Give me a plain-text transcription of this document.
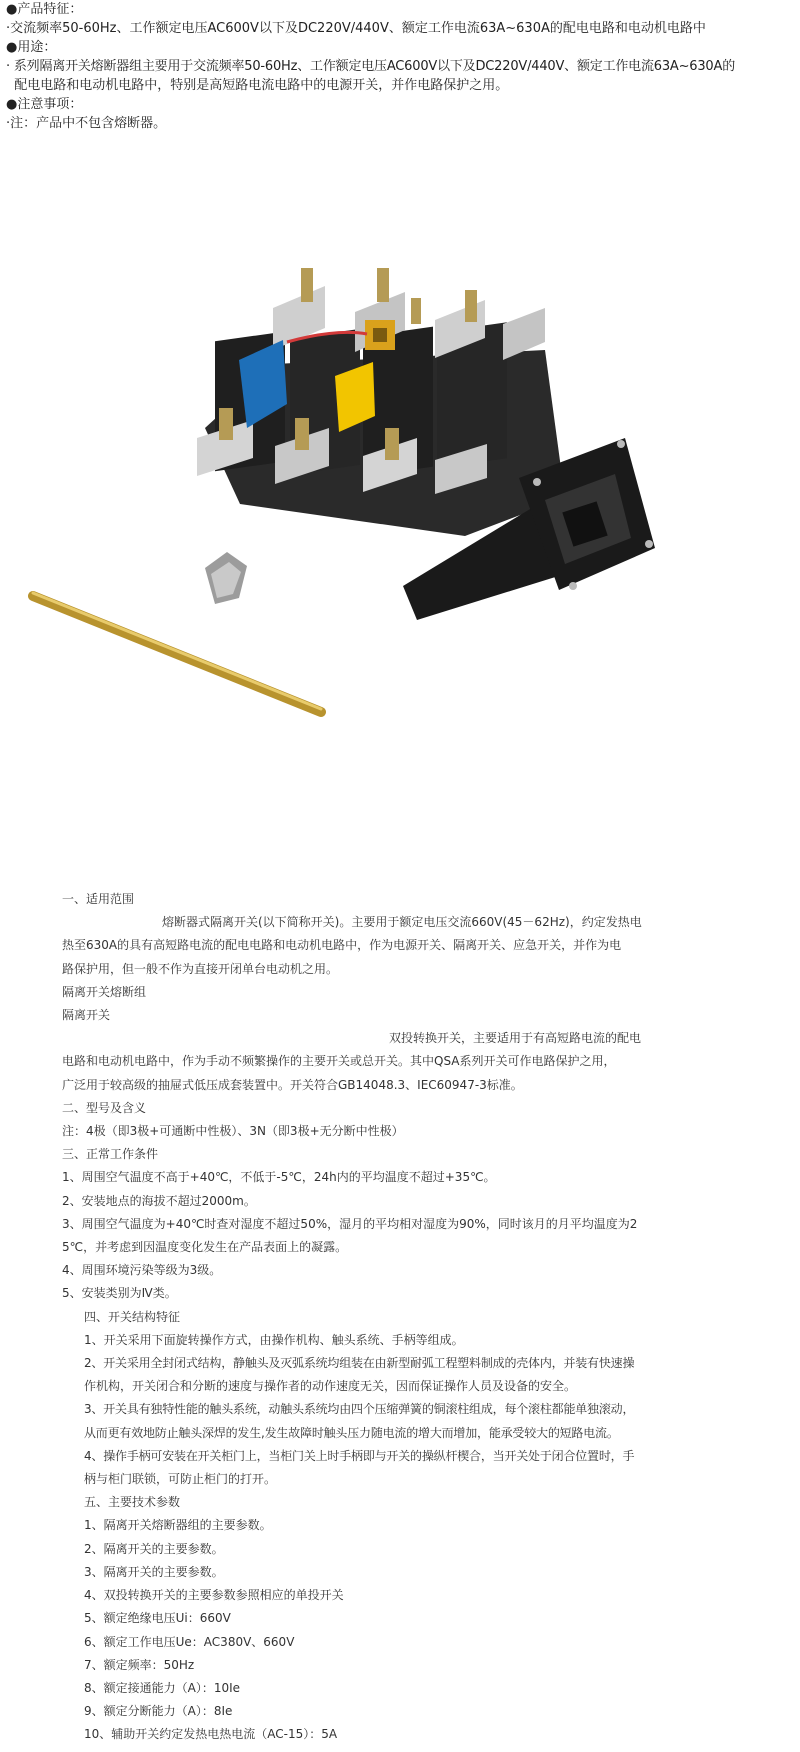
●产品特征：
·交流频率50-60Hz、工作额定电压AC600V以下及DC220V/440V、额定工作电流63A~630A的配电电路和电动机电路中
●用途：
· 系列隔离开关熔断器组主要用于交流频率50-60Hz、工作额定电压AC600V以下及DC220V/440V、额定工作电流63A~630A的
配电电路和电动机电路中，特别是高短路电流电路中的电源开关，并作电路保护之用。
●注意事项：
·注：产品中不包含熔断器。
一、适用范围
熔断器式隔离开关(以下简称开关)。主要用于额定电压交流660V(45－62Hz)，约定发热电
热至630A的具有高短路电流的配电电路和电动机电路中，作为电源开关、隔离开关、应急开关，并作为电
路保护用，但一般不作为直接开闭单台电动机之用。
隔离开关熔断组
隔离开关
双投转换开关，主要适用于有高短路电流的配电
电路和电动机电路中，作为手动不频繁操作的主要开关或总开关。其中QSA系列开关可作电路保护之用，
广泛用于较高级的抽屉式低压成套装置中。开关符合GB14048.3、IEC60947-3标准。
二、型号及含义
注：4极（即3极+可通断中性极）、3N（即3极+无分断中性极）
三、正常工作条件
1、周围空气温度不高于+40℃，不低于-5℃，24h内的平均温度不超过+35℃。
2、安装地点的海拔不超过2000m。
3、周围空气温度为+40℃时查对湿度不超过50%，湿月的平均相对湿度为90%，同时该月的月平均温度为2
5℃，并考虑到因温度变化发生在产品表面上的凝露。
4、周围环境污染等级为3级。
5、安装类别为Ⅳ类。
四、开关结构特征
1、开关采用下面旋转操作方式，由操作机构、触头系统、手柄等组成。
2、开关采用全封闭式结构，静触头及灭弧系统均组装在由新型耐弧工程塑料制成的壳体内，并装有快速操
作机构，开关闭合和分断的速度与操作者的动作速度无关，因而保证操作人员及设备的安全。
3、开关具有独特性能的触头系统，动触头系统均由四个压缩弹簧的铜滚柱组成，每个滚柱都能单独滚动，
从而更有效地防止触头深焊的发生,发生故障时触头压力随电流的增大而增加，能承受较大的短路电流。
4、操作手柄可安装在开关柜门上，当柜门关上时手柄即与开关的操纵杆楔合，当开关处于闭合位置时，手
柄与柜门联锁，可防止柜门的打开。
五、主要技术参数
1、隔离开关熔断器组的主要参数。
2、隔离开关的主要参数。
3、隔离开关的主要参数。
4、双投转换开关的主要参数参照相应的单投开关
5、额定绝缘电压Ui：660V
6、额定工作电压Ue：AC380V、660V
7、额定频率：50Hz
8、额定接通能力（A）：10Ie
9、额定分断能力（A）：8Ie
10、辅助开关约定发热电热电流（AC-15）：5A
